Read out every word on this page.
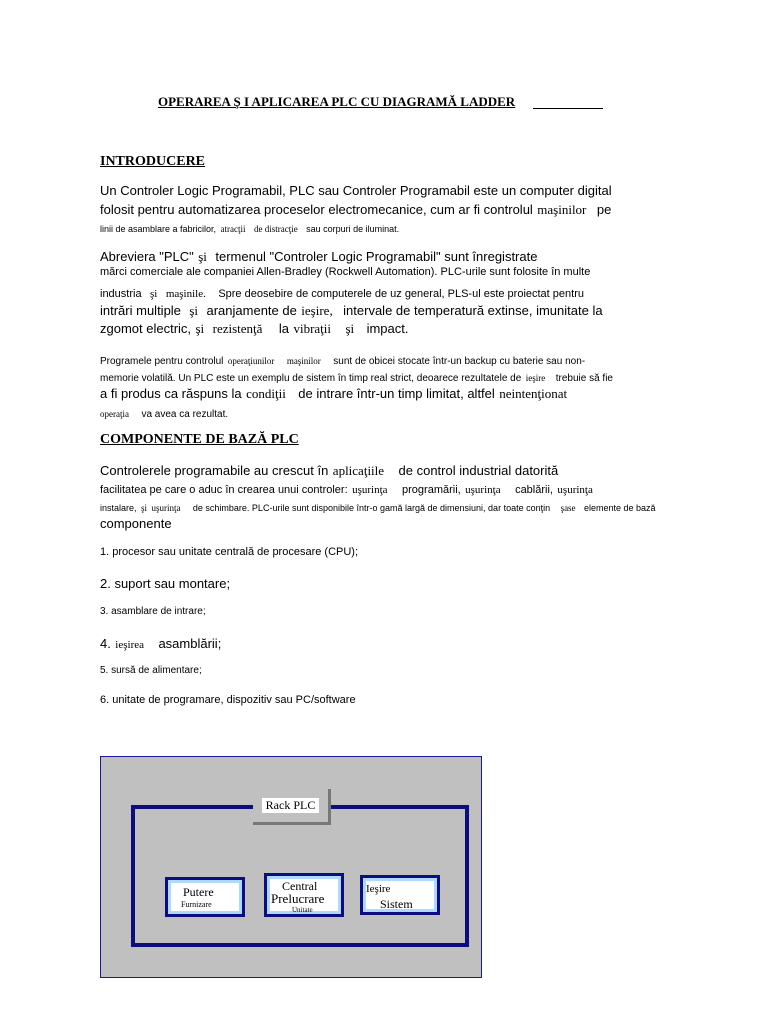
OPERAREA Ş I APLICAREA PLC CU DIAGRAMĂ LADDER
INTRODUCERE
Un Controler Logic Programabil, PLC sau Controler Programabil este un computer digital
folosit pentru automatizarea proceselor electromecanice, cum ar fi controlul maşinilor pe
linii de asamblare a fabricilor, atracţii de distracţie sau corpuri de iluminat.
Abreviera "PLC" şi termenul "Controler Logic Programabil" sunt înregistrate
mărci comerciale ale companiei Allen-Bradley (Rockwell Automation). PLC-urile sunt folosite în multe
industria şi maşinile. Spre deosebire de computerele de uz general, PLS-ul este proiectat pentru
intrări multiple şi aranjamente de ieşire, intervale de temperatură extinse, imunitate la
zgomot electric, şi rezistenţă la vibraţii şi impact.
Programele pentru controlul operaţiunilor maşinilor sunt de obicei stocate într-un backup cu baterie sau non-
memorie volatilă. Un PLC este un exemplu de sistem în timp real strict, deoarece rezultatele de ieşire trebuie să fie
a fi produs ca răspuns la condiţii de intrare într-un timp limitat, altfel neintenţionat
operaţia va avea ca rezultat.
COMPONENTE DE BAZĂ PLC
Controlerele programabile au crescut în aplicaţiile de control industrial datorită
facilitatea pe care o aduc în crearea unui controler: uşurinţa programării, uşurinţa cablării, uşurinţa
instalare, şi uşurinţa de schimbare. PLC-urile sunt disponibile într-o gamă largă de dimensiuni, dar toate conţin şase elemente de bază
componente
1. procesor sau unitate centrală de procesare (CPU);
2. suport sau montare;
3. asamblare de intrare;
4. ieşirea asamblării;
5. sursă de alimentare;
6. unitate de programare, dispozitiv sau PC/software
Rack PLC
Putere
Furnizare
Central
Prelucrare
Unitate
Ieşire
Sistem
